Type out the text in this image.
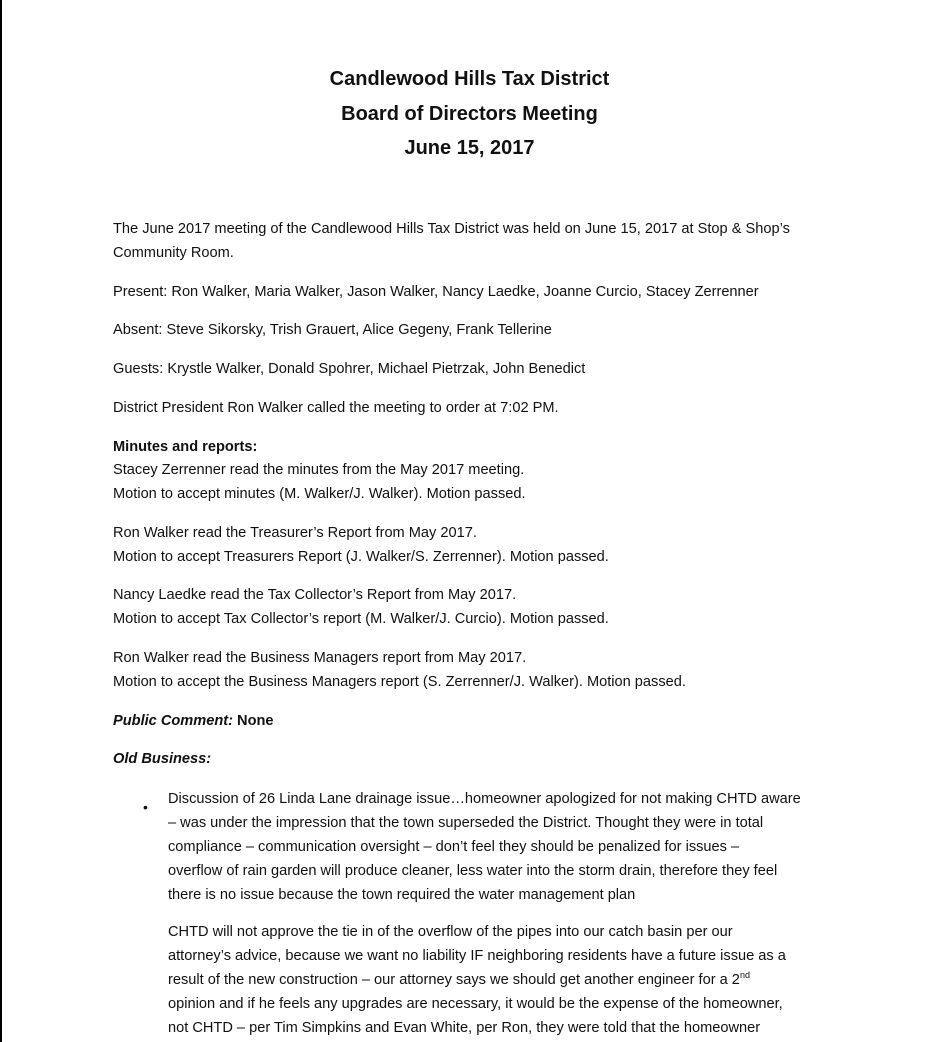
Candlewood Hills Tax District
Board of Directors Meeting
June 15, 2017
The June 2017 meeting of the Candlewood Hills Tax District was held on June 15, 2017 at Stop & Shop’s
Community Room.
Present: Ron Walker, Maria Walker, Jason Walker, Nancy Laedke, Joanne Curcio, Stacey Zerrenner
Absent: Steve Sikorsky, Trish Grauert, Alice Gegeny, Frank Tellerine
Guests: Krystle Walker, Donald Spohrer, Michael Pietrzak, John Benedict
District President Ron Walker called the meeting to order at 7:02 PM.
Minutes and reports:
Stacey Zerrenner read the minutes from the May 2017 meeting.
Motion to accept minutes (M. Walker/J. Walker). Motion passed.
Ron Walker read the Treasurer’s Report from May 2017.
Motion to accept Treasurers Report (J. Walker/S. Zerrenner). Motion passed.
Nancy Laedke read the Tax Collector’s Report from May 2017.
Motion to accept Tax Collector’s report (M. Walker/J. Curcio). Motion passed.
Ron Walker read the Business Managers report from May 2017.
Motion to accept the Business Managers report (S. Zerrenner/J. Walker). Motion passed.
Public Comment: None
Old Business:
• Discussion of 26 Linda Lane drainage issue…homeowner apologized for not making CHTD aware
– was under the impression that the town superseded the District. Thought they were in total
compliance – communication oversight – don’t feel they should be penalized for issues –
overflow of rain garden will produce cleaner, less water into the storm drain, therefore they feel
there is no issue because the town required the water management plan
CHTD will not approve the tie in of the overflow of the pipes into our catch basin per our
attorney’s advice, because we want no liability IF neighboring residents have a future issue as a
result of the new construction – our attorney says we should get another engineer for a 2nd
opinion and if he feels any upgrades are necessary, it would be the expense of the homeowner,
not CHTD – per Tim Simpkins and Evan White, per Ron, they were told that the homeowner
